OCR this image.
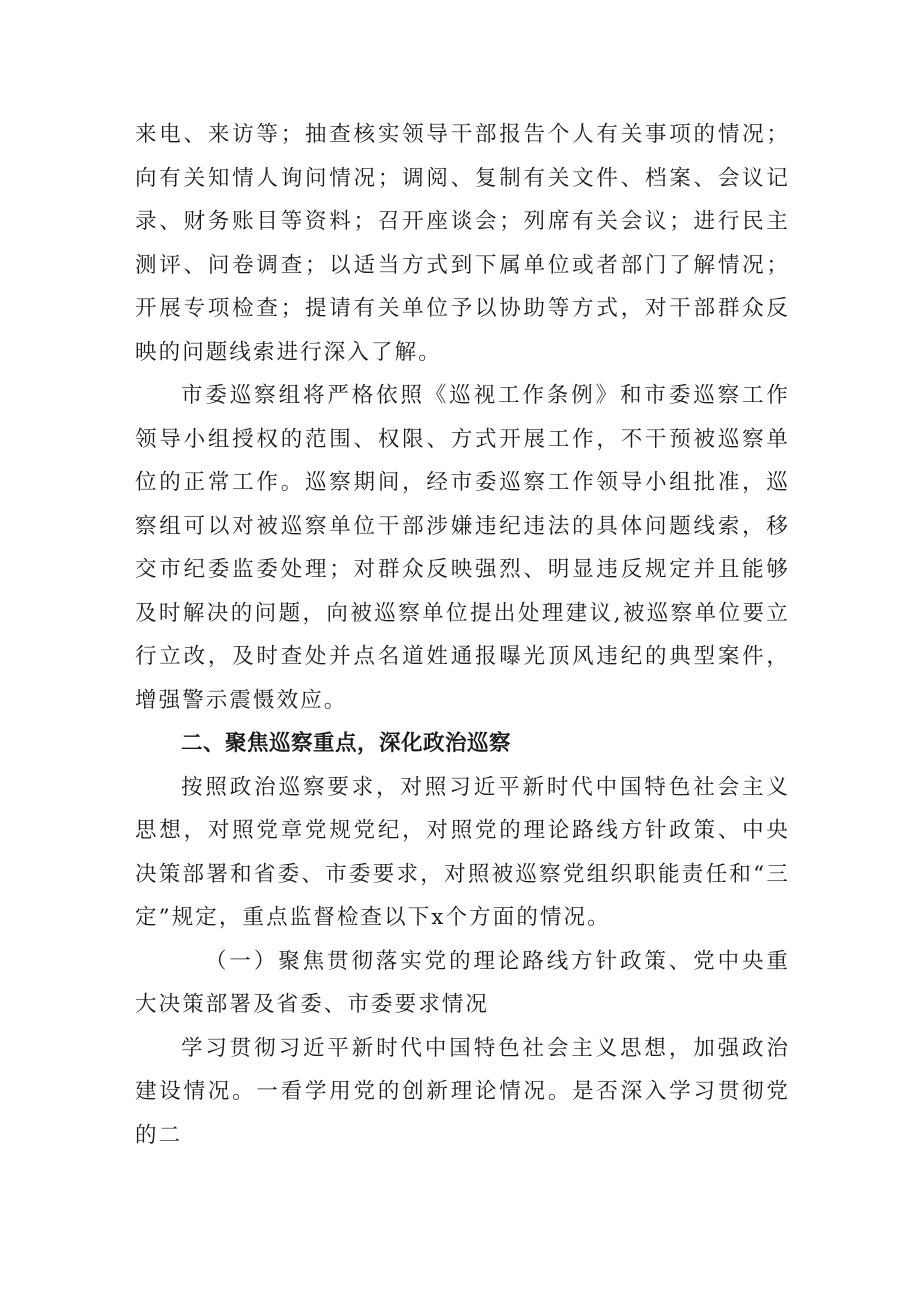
来电、来访等；抽查核实领导干部报告个人有关事项的情况；向有关知情人询问情况；调阅、复制有关文件、档案、会议记录、财务账目等资料；召开座谈会；列席有关会议；进行民主测评、问卷调查；以适当方式到下属单位或者部门了解情况；开展专项检查；提请有关单位予以协助等方式，对干部群众反映的问题线索进行深入了解。

市委巡察组将严格依照《巡视工作条例》和市委巡察工作领导小组授权的范围、权限、方式开展工作，不干预被巡察单位的正常工作。巡察期间，经市委巡察工作领导小组批准，巡察组可以对被巡察单位干部涉嫌违纪违法的具体问题线索，移交市纪委监委处理；对群众反映强烈、明显违反规定并且能够及时解决的问题，向被巡察单位提出处理建议,被巡察单位要立行立改，及时查处并点名道姓通报曝光顶风违纪的典型案件，增强警示震慑效应。

二、聚焦巡察重点，深化政治巡察

按照政治巡察要求，对照习近平新时代中国特色社会主义思想，对照党章党规党纪，对照党的理论路线方针政策、中央决策部署和省委、市委要求，对照被巡察党组织职能责任和“三定”规定，重点监督检查以下x个方面的情况。

（一）聚焦贯彻落实党的理论路线方针政策、党中央重大决策部署及省委、市委要求情况

学习贯彻习近平新时代中国特色社会主义思想，加强政治建设情况。一看学用党的创新理论情况。是否深入学习贯彻党的二
